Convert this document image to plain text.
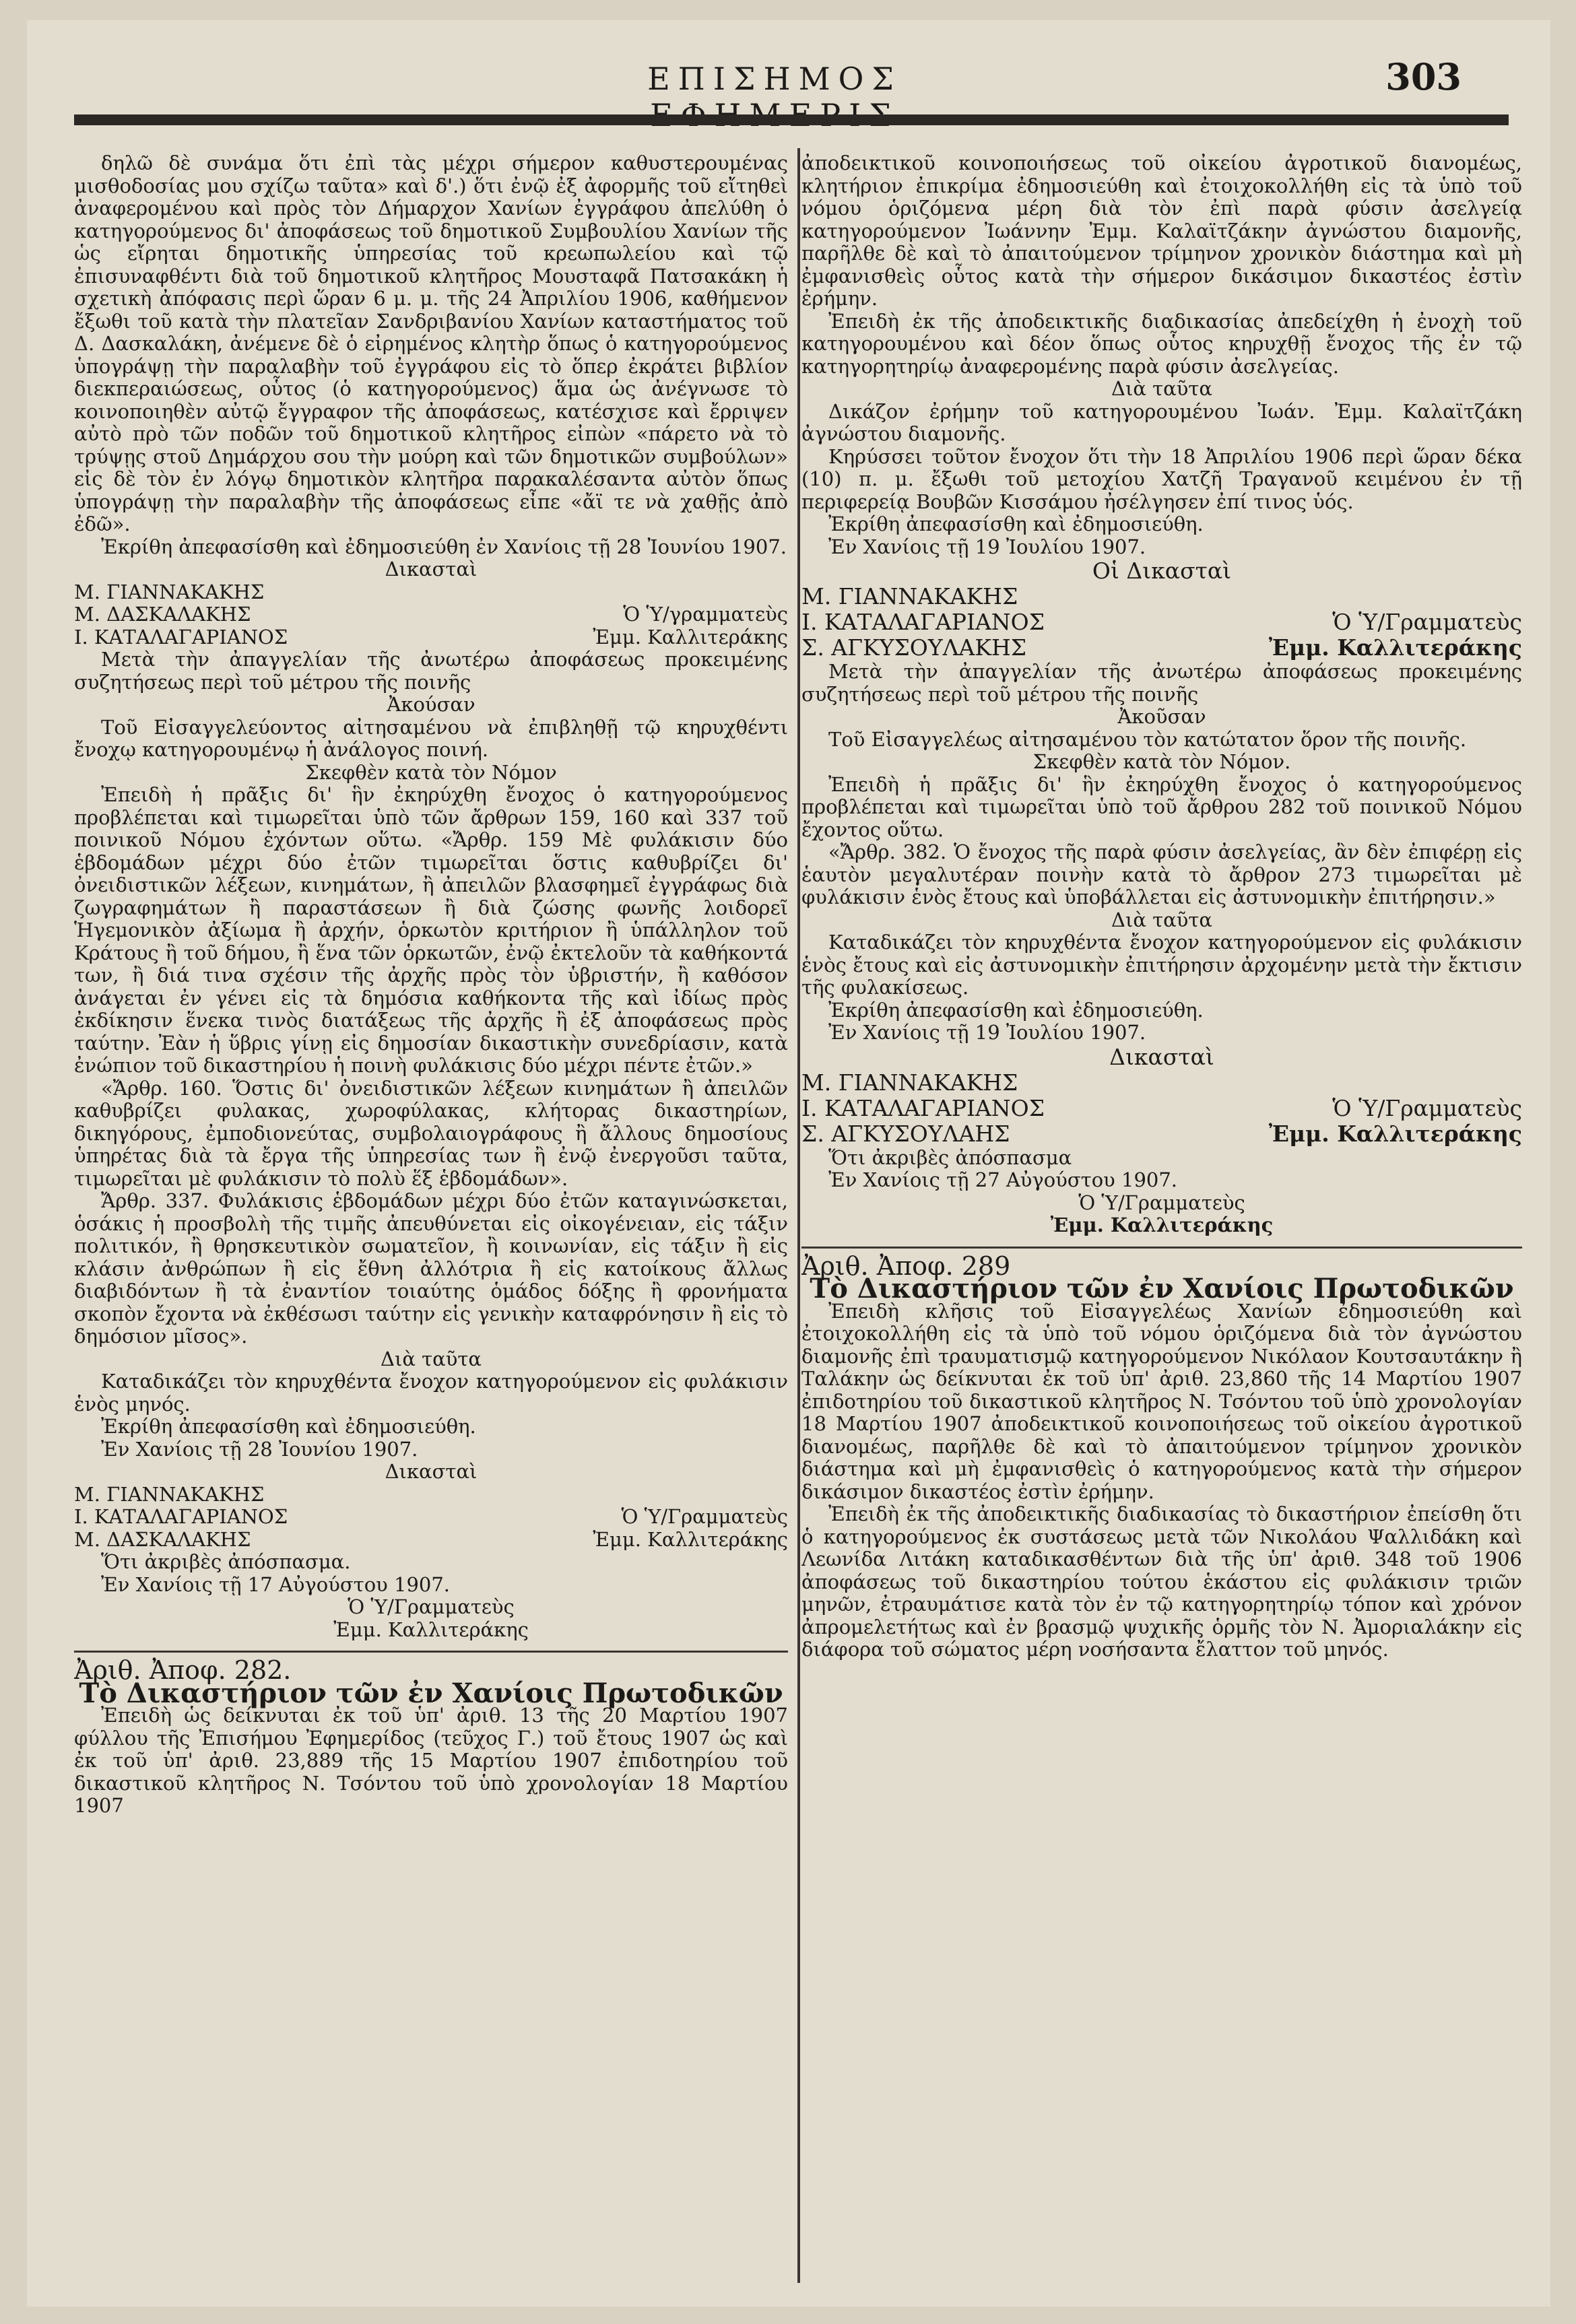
ΕΠΙΣΗΜΟΣ	303

δηλῶ δὲ συνάμα ὅτι ἐπὶ τὰς μέχρι σήμερον καθυστερουμένας μισθοδοσίας μου σχίζω ταῦτα» καὶ δ'.) ὅτι ἐνῷ ἐξ ἀφορμῆς τοῦ εἴτηθεὶ ἀναφερομένου καὶ πρὸς τὸν Δήμαρχον Χανίων ἐγγράφου ἀπελύθη ὁ κατηγορούμενος δι' ἀποφάσεως τοῦ δημοτικοῦ Συμβουλίου Χανίων τῆς ὡς εἴρηται δημοτικῆς ὑπηρεσίας τοῦ κρεωπωλείου καὶ τῷ ἐπισυναφθέντι διὰ τοῦ δημοτικοῦ κλητῆρος Μουσταφᾶ Πατσακάκη ἡ σχετικὴ ἀπόφασις περὶ ὥραν 6 μ. μ. τῆς 24 Ἀπριλίου 1906, καθήμενον ἔξωθι τοῦ κατὰ τὴν πλατεῖαν Σανδριβανίου Χανίων καταστήματος τοῦ Δ. Δασκαλάκη, ἀνέμενε δὲ ὁ εἰρημένος κλητὴρ ὅπως ὁ κατηγορούμενος ὑπογράψῃ τὴν παραλαβὴν τοῦ ἐγγράφου εἰς τὸ ὅπερ ἐκράτει βιβλίον διεκπεραιώσεως, οὗτος (ὁ κατηγορούμενος) ἅμα ὡς ἀνέγνωσε τὸ κοινοποιηθὲν αὐτῷ ἔγγραφον τῆς ἀποφάσεως, κατέσχισε καὶ ἔρριψεν αὐτὸ πρὸ τῶν ποδῶν τοῦ δημοτικοῦ κλητῆρος εἰπὼν «πάρετο νὰ τὸ τρύψῃς στοῦ Δημάρχου σου τὴν μούρη καὶ τῶν δημοτικῶν συμβούλων» εἰς δὲ τὸν ἐν λόγῳ δημοτικὸν κλητῆρα παρακαλέσαντα αὐτὸν ὅπως ὑπογράψῃ τὴν παραλαβὴν τῆς ἀποφάσεως εἶπε «ἄϊ τε νὰ χαθῇς ἀπὸ ἐδῶ».

Ἐκρίθη ἀπεφασίσθη καὶ ἐδημοσιεύθη ἐν Χανίοις τῇ 28 Ἰουνίου 1907.

Δικασταὶ

Μ. ΓΙΑΝΝΑΚΑΚΗΣ

Μ. ΔΑΣΚΑΛΑΚΗΣ	Ὁ Ὑ/γραμματεὺς
Ι. ΚΑΤΑΛΑΓΑΡΙΑΝΟΣ	Ἐμμ. Καλλιτεράκης

Μετὰ τὴν ἀπαγγελίαν τῆς ἀνωτέρω ἀποφάσεως προκειμένης συζητήσεως περὶ τοῦ μέτρου τῆς ποινῆς

Ἀκούσαν

Τοῦ Εἰσαγγελεύοντος αἰτησαμένου νὰ ἐπιβληθῇ τῷ κηρυχθέντι ἔνοχῳ κατηγορουμένῳ ἡ ἀνάλογος ποινή.

Σκεφθὲν κατὰ τὸν Νόμον

Ἐπειδὴ ἡ πρᾶξις δι' ἣν ἐκηρύχθη ἔνοχος ὁ κατηγορούμενος προβλέπεται καὶ τιμωρεῖται ὑπὸ τῶν ἄρθρων 159, 160 καὶ 337 τοῦ ποινικοῦ Νόμου ἐχόντων οὕτω. «Ἄρθρ. 159 Μὲ φυλάκισιν δύο ἑβδομάδων μέχρι δύο ἐτῶν τιμωρεῖται ὅστις καθυβρίζει δι' ὀνειδιστικῶν λέξεων, κινημάτων, ἢ ἀπειλῶν βλασφημεῖ ἐγγράφως διὰ ζωγραφημάτων ἢ παραστάσεων ἢ διὰ ζώσης φωνῆς λοιδορεῖ Ἡγεμονικὸν ἀξίωμα ἢ ἀρχήν, ὁρκωτὸν κριτήριον ἢ ὑπάλληλον τοῦ Κράτους ἢ τοῦ δήμου, ἢ ἕνα τῶν ὁρκωτῶν, ἐνῷ ἐκτελοῦν τὰ καθήκοντά των, ἢ διά τινα σχέσιν τῆς ἀρχῆς πρὸς τὸν ὑβριστήν, ἢ καθόσον ἀνάγεται ἐν γένει εἰς τὰ δημόσια καθήκοντα τῆς καὶ ἰδίως πρὸς ἐκδίκησιν ἕνεκα τινὸς διατάξεως τῆς ἀρχῆς ἢ ἐξ ἀποφάσεως πρὸς ταύτην. Ἐὰν ἡ ὕβρις γίνῃ εἰς δημοσίαν δικαστικὴν συνεδρίασιν, κατὰ ἐνώπιον τοῦ δικαστηρίου ἡ ποινὴ φυλάκισις δύο μέχρι πέντε ἐτῶν.»

«Ἄρθρ. 160. Ὅστις δι' ὀνειδιστικῶν λέξεων κινημάτων ἢ ἀπειλῶν καθυβρίζει φυλακας, χωροφύλακας, κλήτορας δικαστηρίων, δικηγόρους, ἐμποδιονεύτας, συμβολαιογράφους ἢ ἄλλους δημοσίους ὑπηρέτας διὰ τὰ ἔργα τῆς ὑπηρεσίας των ἢ ἐνῷ ἐνεργοῦσι ταῦτα, τιμωρεῖται μὲ φυλάκισιν τὸ πολὺ ἕξ ἑβδομάδων».

Ἄρθρ. 337. Φυλάκισις ἑβδομάδων μέχρι δύο ἐτῶν καταγινώσκεται, ὁσάκις ἡ προσβολὴ τῆς τιμῆς ἀπευθύνεται εἰς οἰκογένειαν, εἰς τάξιν πολιτικόν, ἢ θρησκευτικὸν σωματεῖον, ἢ κοινωνίαν, εἰς τάξιν ἢ εἰς κλάσιν ἀνθρώπων ἢ εἰς ἔθνη ἀλλότρια ἢ εἰς κατοίκους ἄλλως διαβιδόντων ἢ τὰ ἐναντίον τοιαύτης ὁμάδος δόξης ἢ φρονήματα σκοπὸν ἔχοντα νὰ ἐκθέσωσι ταύτην εἰς γενικὴν καταφρόνησιν ἢ εἰς τὸ δημόσιον μῖσος».

Διὰ ταῦτα

Καταδικάζει τὸν κηρυχθέντα ἔνοχον κατηγορούμενον εἰς φυλάκισιν ἑνὸς μηνός.

Ἐκρίθη ἀπεφασίσθη καὶ ἐδημοσιεύθη.

Ἐν Χανίοις τῇ 28 Ἰουνίου 1907.

Δικασταὶ

Μ. ΓΙΑΝΝΑΚΑΚΗΣ

Ι. ΚΑΤΑΛΑΓΑΡΙΑΝΟΣ	Ὁ Ὑ/Γραμματεὺς
Μ. ΔΑΣΚΑΛΑΚΗΣ	Ἐμμ. Καλλιτεράκης

Ὅτι ἀκριβὲς ἀπόσπασμα.

Ἐν Χανίοις τῇ 17 Αὐγούστου 1907.

Ὁ Ὑ/Γραμματεὺς

Ἐμμ. Καλλιτεράκης

Ἀριθ. Ἀποφ. 282.

Τὸ Δικαστήριον τῶν ἐν Χανίοις Πρωτοδικῶν

Ἐπειδὴ ὡς δείκνυται ἐκ τοῦ ὑπ' ἀριθ. 13 τῆς 20 Μαρτίου 1907 φύλλου τῆς Ἐπισήμου Ἐφημερίδος (τεῦχος Γ.) τοῦ ἔτους 1907 ὡς καὶ ἐκ τοῦ ὑπ' ἀριθ. 23,889 τῆς 15 Μαρτίου 1907 ἐπιδοτηρίου τοῦ δικαστικοῦ κλητῆρος Ν. Τσόντου τοῦ ὑπὸ χρονολογίαν 18 Μαρτίου 1907

ἀποδεικτικοῦ κοινοποιήσεως τοῦ οἰκείου ἀγροτικοῦ διανομέως, κλητήριον ἐπικρίμα ἐδημοσιεύθη καὶ ἐτοιχοκολλήθη εἰς τὰ ὑπὸ τοῦ νόμου ὁριζόμενα μέρη διὰ τὸν ἐπὶ παρὰ φύσιν ἀσελγείᾳ κατηγορούμενον Ἰωάννην Ἐμμ. Καλαϊτζάκην ἀγνώστου διαμονῆς, παρῆλθε δὲ καὶ τὸ ἀπαιτούμενον τρίμηνον χρονικὸν διάστημα καὶ μὴ ἐμφανισθεὶς οὗτος κατὰ τὴν σήμερον δικάσιμον δικαστέος ἐστὶν ἐρήμην.

Ἐπειδὴ ἐκ τῆς ἀποδεικτικῆς διαδικασίας ἀπεδείχθη ἡ ἐνοχὴ τοῦ κατηγορουμένου καὶ δέον ὅπως οὗτος κηρυχθῇ ἔνοχος τῆς ἐν τῷ κατηγορητηρίῳ ἀναφερομένης παρὰ φύσιν ἀσελγείας.

Διὰ ταῦτα

Δικάζον ἐρήμην τοῦ κατηγορουμένου Ἰωάν. Ἐμμ. Καλαϊτζάκη ἀγνώστου διαμονῆς.

Κηρύσσει τοῦτον ἔνοχον ὅτι τὴν 18 Ἀπριλίου 1906 περὶ ὥραν δέκα (10) π. μ. ἔξωθι τοῦ μετοχίου Χατζῆ Τραγανοῦ κειμένου ἐν τῇ περιφερείᾳ Βουβῶν Κισσάμου ἠσέλγησεν ἐπί τινος ὑός.

Ἐκρίθη ἀπεφασίσθη καὶ ἐδημοσιεύθη.

Ἐν Χανίοις τῇ 19 Ἰουλίου 1907.

Οἱ Δικασταὶ

Μ. ΓΙΑΝΝΑΚΑΚΗΣ

Ι. ΚΑΤΑΛΑΓΑΡΙΑΝΟΣ	Ὁ Ὑ/Γραμματεὺς
Σ. ΑΓΚΥΣΟΥΛΑΚΗΣ	Ἐμμ. Καλλιτεράκης

Μετὰ τὴν ἀπαγγελίαν τῆς ἀνωτέρω ἀποφάσεως προκειμένης συζητήσεως περὶ τοῦ μέτρου τῆς ποινῆς

Ἀκοῦσαν

Τοῦ Εἰσαγγελέως αἰτησαμένου τὸν κατώτατον ὅρον τῆς ποινῆς.

Σκεφθὲν κατὰ τὸν Νόμον.

Ἐπειδὴ ἡ πρᾶξις δι' ἣν ἐκηρύχθη ἔνοχος ὁ κατηγορούμενος προβλέπεται καὶ τιμωρεῖται ὑπὸ τοῦ ἄρθρου 282 τοῦ ποινικοῦ Νόμου ἔχοντος οὕτω.

«Ἄρθρ. 382. Ὁ ἔνοχος τῆς παρὰ φύσιν ἀσελγείας, ἂν δὲν ἐπιφέρῃ εἰς ἑαυτὸν μεγαλυτέραν ποινὴν κατὰ τὸ ἄρθρον 273 τιμωρεῖται μὲ φυλάκισιν ἑνὸς ἔτους καὶ ὑποβάλλεται εἰς ἀστυνομικὴν ἐπιτήρησιν.»

Διὰ ταῦτα

Καταδικάζει τὸν κηρυχθέντα ἔνοχον κατηγορούμενον εἰς φυλάκισιν ἑνὸς ἔτους καὶ εἰς ἀστυνομικὴν ἐπιτήρησιν ἀρχομένην μετὰ τὴν ἔκτισιν τῆς φυλακίσεως.

Ἐκρίθη ἀπεφασίσθη καὶ ἐδημοσιεύθη.

Ἐν Χανίοις τῇ 19 Ἰουλίου 1907.

Δικασταὶ

Μ. ΓΙΑΝΝΑΚΑΚΗΣ

Ι. ΚΑΤΑΛΑΓΑΡΙΑΝΟΣ	Ὁ Ὑ/Γραμματεὺς
Σ. ΑΓΚΥΣΟΥΛΑΗΣ	Ἐμμ. Καλλιτεράκης

Ὅτι ἀκριβὲς ἀπόσπασμα

Ἐν Χανίοις τῇ 27 Αὐγούστου 1907.

Ὁ Ὑ/Γραμματεὺς

Ἐμμ. Καλλιτεράκης

Ἀριθ. Ἀποφ. 289

Τὸ Δικαστήριον τῶν ἐν Χανίοις Πρωτοδικῶν

Ἐπειδὴ κλῆσις τοῦ Εἰσαγγελέως Χανίων ἐδημοσιεύθη καὶ ἐτοιχοκολλήθη εἰς τὰ ὑπὸ τοῦ νόμου ὁριζόμενα διὰ τὸν ἀγνώστου διαμονῆς ἐπὶ τραυματισμῷ κατηγορούμενον Νικόλαον Κουτσαυτάκην ἢ Ταλάκην ὡς δείκνυται ἐκ τοῦ ὑπ' ἀριθ. 23,860 τῆς 14 Μαρτίου 1907 ἐπιδοτηρίου τοῦ δικαστικοῦ κλητῆρος Ν. Τσόντου τοῦ ὑπὸ χρονολογίαν 18 Μαρτίου 1907 ἀποδεικτικοῦ κοινοποιήσεως τοῦ οἰκείου ἀγροτικοῦ διανομέως, παρῆλθε δὲ καὶ τὸ ἀπαιτούμενον τρίμηνον χρονικὸν διάστημα καὶ μὴ ἐμφανισθεὶς ὁ κατηγορούμενος κατὰ τὴν σήμερον δικάσιμον δικαστέος ἐστὶν ἐρήμην.

Ἐπειδὴ ἐκ τῆς ἀποδεικτικῆς διαδικασίας τὸ δικαστήριον ἐπείσθη ὅτι ὁ κατηγορούμενος ἐκ συστάσεως μετὰ τῶν Νικολάου Ψαλλιδάκη καὶ Λεωνίδα Λιτάκη καταδικασθέντων διὰ τῆς ὑπ' ἀριθ. 348 τοῦ 1906 ἀποφάσεως τοῦ δικαστηρίου τούτου ἑκάστου εἰς φυλάκισιν τριῶν μηνῶν, ἐτραυμάτισε κατὰ τὸν ἐν τῷ κατηγορητηρίῳ τόπον καὶ χρόνον ἀπρομελετήτως καὶ ἐν βρασμῷ ψυχικῆς ὁρμῆς τὸν Ν. Ἀμοριαλάκην εἰς διάφορα τοῦ σώματος μέρη νοσήσαντα ἔλαττον τοῦ μηνός.
